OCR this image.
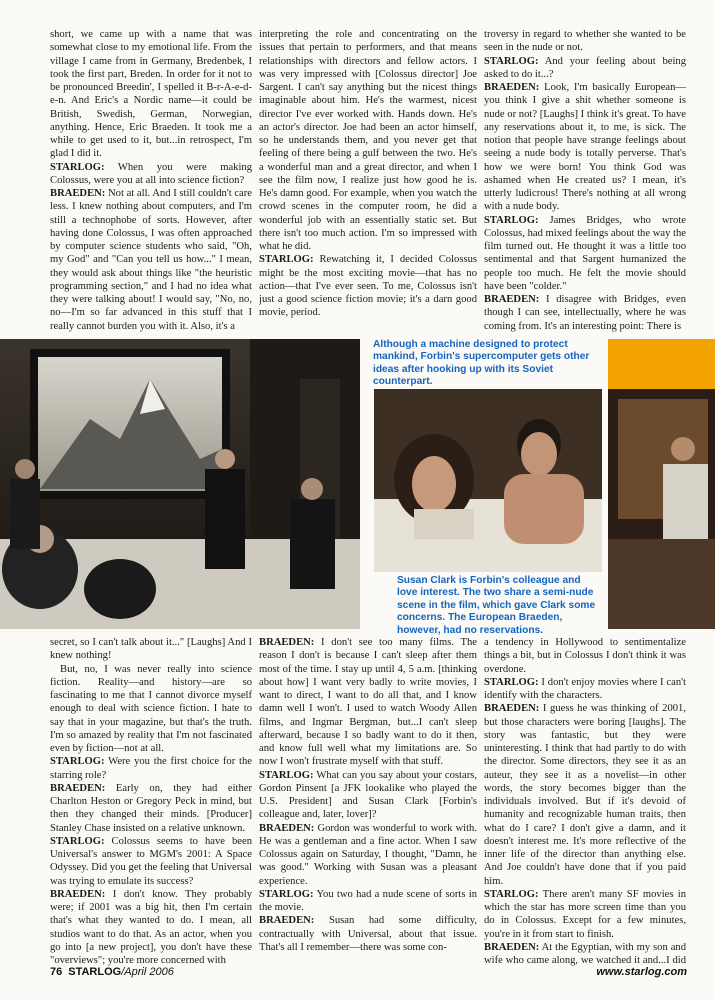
short, we came up with a name that was somewhat close to my emotional life. From the village I came from in Germany, Bredenbek, I took the first part, Breden. In order for it not to be pronounced Breedin', I spelled it B-r-A-e-d-e-n. And Eric's a Nordic name—it could be British, Swedish, German, Norwegian, anything. Hence, Eric Braeden. It took me a while to get used to it, but...in retrospect, I'm glad I did it.

STARLOG: When you were making Colossus, were you at all into science fiction?

BRAEDEN: Not at all. And I still couldn't care less. I knew nothing about computers, and I'm still a technophobe of sorts. However, after having done Colossus, I was often approached by computer science students who said, "Oh, my God" and "Can you tell us how..." I mean, they would ask about things like "the heuristic programming section," and I had no idea what they were talking about! I would say, "No, no, no—I'm so far advanced in this stuff that I really cannot burden you with it. Also, it's a

interpreting the role and concentrating on the issues that pertain to performers, and that means relationships with directors and fellow actors. I was very impressed with [Colossus director] Joe Sargent. I can't say anything but the nicest things imaginable about him. He's the warmest, nicest director I've ever worked with. Hands down. He's an actor's director. Joe had been an actor himself, so he understands them, and you never get that feeling of there being a gulf between the two. He's a wonderful man and a great director, and when I see the film now, I realize just how good he is. He's damn good. For example, when you watch the crowd scenes in the computer room, he did a wonderful job with an essentially static set. But there isn't too much action. I'm so impressed with what he did.

STARLOG: Rewatching it, I decided Colossus might be the most exciting movie—that has no action—that I've ever seen. To me, Colossus isn't just a good science fiction movie; it's a darn good movie, period.

troversy in regard to whether she wanted to be seen in the nude or not.

STARLOG: And your feeling about being asked to do it...?

BRAEDEN: Look, I'm basically European—you think I give a shit whether someone is nude or not? [Laughs] I think it's great. To have any reservations about it, to me, is sick. The notion that people have strange feelings about seeing a nude body is totally perverse. That's how we were born! You think God was ashamed when He created us? I mean, it's utterly ludicrous! There's nothing at all wrong with a nude body.

STARLOG: James Bridges, who wrote Colossus, had mixed feelings about the way the film turned out. He thought it was a little too sentimental and that Sargent humanized the people too much. He felt the movie should have been "colder."

BRAEDEN: I disagree with Bridges, even though I can see, intellectually, where he was coming from. It's an interesting point: There is

Although a machine designed to protect mankind, Forbin's supercomputer gets other ideas after hooking up with its Soviet counterpart.
Susan Clark is Forbin's colleague and love interest. The two share a semi-nude scene in the film, which gave Clark some concerns. The European Braeden, however, had no reservations.

secret, so I can't talk about it..." [Laughs] And I knew nothing!

But, no, I was never really into science fiction. Reality—and history—are so fascinating to me that I cannot divorce myself enough to deal with science fiction. I hate to say that in your magazine, but that's the truth. I'm so amazed by reality that I'm not fascinated even by fiction—not at all.

STARLOG: Were you the first choice for the starring role?

BRAEDEN: Early on, they had either Charlton Heston or Gregory Peck in mind, but then they changed their minds. [Producer] Stanley Chase insisted on a relative unknown.

STARLOG: Colossus seems to have been Universal's answer to MGM's 2001: A Space Odyssey. Did you get the feeling that Universal was trying to emulate its success?

BRAEDEN: I don't know. They probably were; if 2001 was a big hit, then I'm certain that's what they wanted to do. I mean, all studios want to do that. As an actor, when you go into [a new project], you don't have these "overviews"; you're more concerned with

BRAEDEN: I don't see too many films. The reason I don't is because I can't sleep after them most of the time. I stay up until 4, 5 a.m. [thinking about how] I want very badly to write movies, I want to direct, I want to do all that, and I know damn well I won't. I used to watch Woody Allen films, and Ingmar Bergman, but...I can't sleep afterward, because I so badly want to do it then, and know full well what my limitations are. So now I won't frustrate myself with that stuff.

STARLOG: What can you say about your costars, Gordon Pinsent [a JFK lookalike who played the U.S. President] and Susan Clark [Forbin's colleague and, later, lover]?

BRAEDEN: Gordon was wonderful to work with. He was a gentleman and a fine actor. When I saw Colossus again on Saturday, I thought, "Damn, he was good." Working with Susan was a pleasant experience.

STARLOG: You two had a nude scene of sorts in the movie.

BRAEDEN: Susan had some difficulty, contractually with Universal, about that issue. That's all I remember—there was some con-

a tendency in Hollywood to sentimentalize things a bit, but in Colossus I don't think it was overdone.

STARLOG: I don't enjoy movies where I can't identify with the characters.

BRAEDEN: I guess he was thinking of 2001, but those characters were boring [laughs]. The story was fantastic, but they were uninteresting. I think that had partly to do with the director. Some directors, they see it as an auteur, they see it as a novelist—in other words, the story becomes bigger than the individuals involved. But if it's devoid of humanity and recognizable human traits, then what do I care? I don't give a damn, and it doesn't interest me. It's more reflective of the inner life of the director than anything else. And Joe couldn't have done that if you paid him.

STARLOG: There aren't many SF movies in which the star has more screen time than you do in Colossus. Except for a few minutes, you're in it from start to finish.

BRAEDEN: At the Egyptian, with my son and wife who came along, we watched it and...I did

76 STARLOG/April 2006	www.starlog.com
